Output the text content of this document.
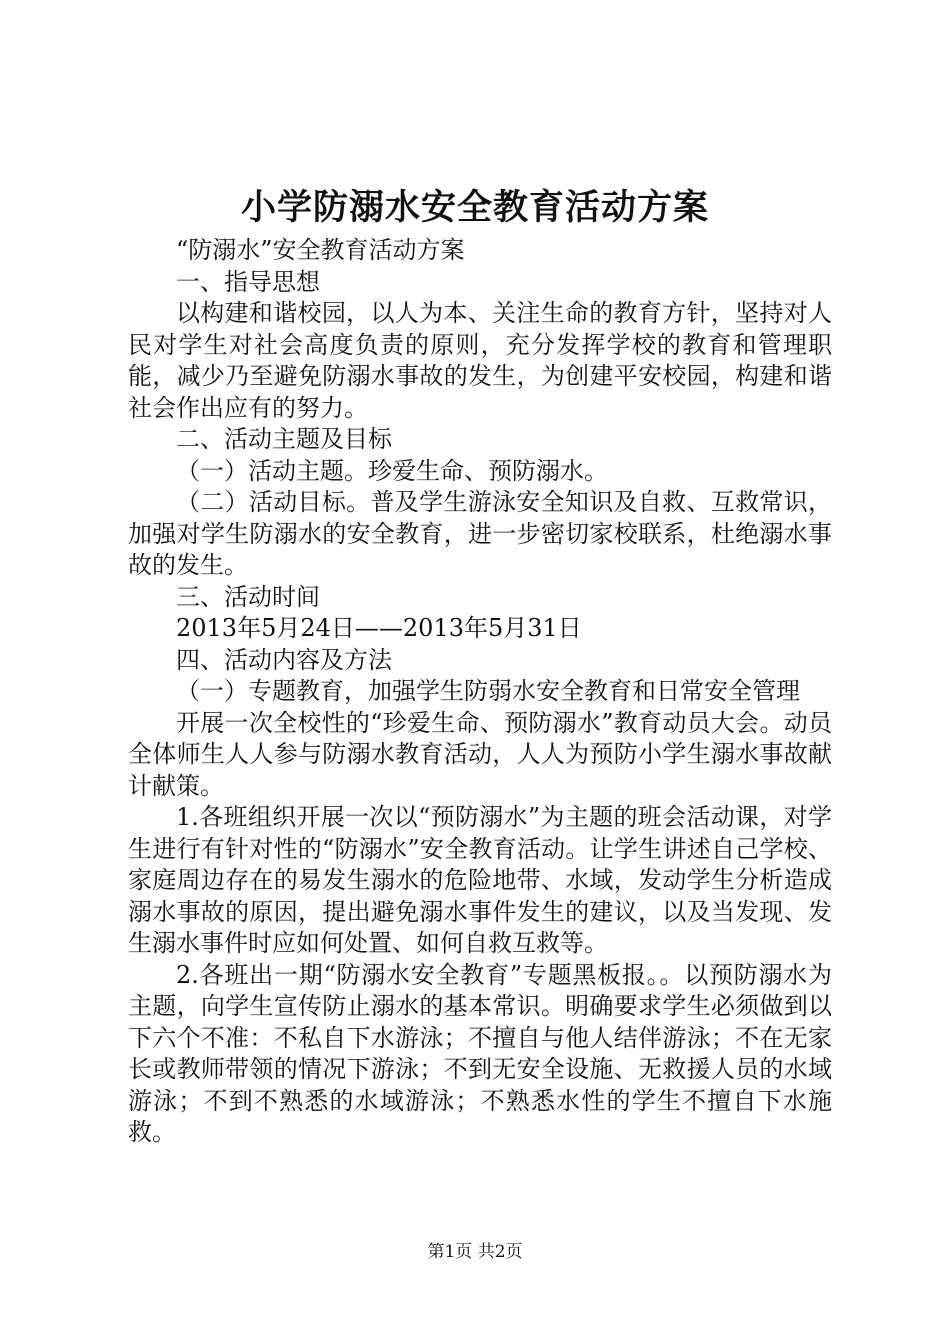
小学防溺水安全教育活动方案

“防溺水”安全教育活动方案

一、指导思想

以构建和谐校园，以人为本、关注生命的教育方针，坚持对人民对学生对社会高度负责的原则，充分发挥学校的教育和管理职能，减少乃至避免防溺水事故的发生，为创建平安校园，构建和谐社会作出应有的努力。

二、活动主题及目标

（一）活动主题。珍爱生命、预防溺水。

（二）活动目标。普及学生游泳安全知识及自救、互救常识，加强对学生防溺水的安全教育，进一步密切家校联系，杜绝溺水事故的发生。

三、活动时间

2013年5月24日——2013年5月31日

四、活动内容及方法

（一）专题教育，加强学生防弱水安全教育和日常安全管理

开展一次全校性的“珍爱生命、预防溺水”教育动员大会。动员全体师生人人参与防溺水教育活动，人人为预防小学生溺水事故献计献策。

1.各班组织开展一次以“预防溺水”为主题的班会活动课，对学生进行有针对性的“防溺水”安全教育活动。让学生讲述自己学校、家庭周边存在的易发生溺水的危险地带、水域，发动学生分析造成溺水事故的原因，提出避免溺水事件发生的建议，以及当发现、发生溺水事件时应如何处置、如何自救互救等。

2.各班出一期“防溺水安全教育”专题黑板报。。以预防溺水为主题，向学生宣传防止溺水的基本常识。明确要求学生必须做到以下六个不准：不私自下水游泳；不擅自与他人结伴游泳；不在无家长或教师带领的情况下游泳；不到无安全设施、无救援人员的水域游泳；不到不熟悉的水域游泳；不熟悉水性的学生不擅自下水施救。

第1页 共2页
